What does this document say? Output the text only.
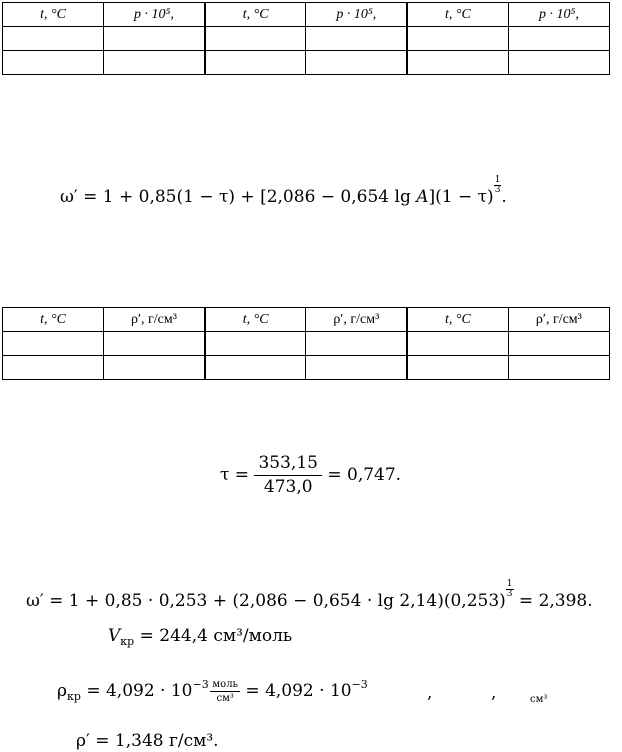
t, °C	p · 10⁵,	t, °C	p · 10⁵,	t, °C	p · 10⁵,

ω′ = 1 + 0,85(1 − τ) + [2,086 − 0,654 lg A](1 − τ)
$^{\frac{1}{3}}$
.
t, °C	ρ′, г/см³	t, °C	ρ′, г/см³	t, °C	ρ′, г/см³

$\tau = \frac{353,15}{473,0} = 0,747$.
ω′ = 1 + 0,85 · 0,253 + (2,086 − 0,654 · lg 2,14)(0,253)
$^{\frac{1}{3}}$
= 2,398.
$V_{кр} = 244,4$ см³/моль
$\rho_{кр} = 4,092 \cdot 10^{-3}$  $\frac{\text{моль}}{\text{см³}} = 4,092 \cdot 10^{-3}$	,	,	см³
ρ′ = 1,348 г/см³.
